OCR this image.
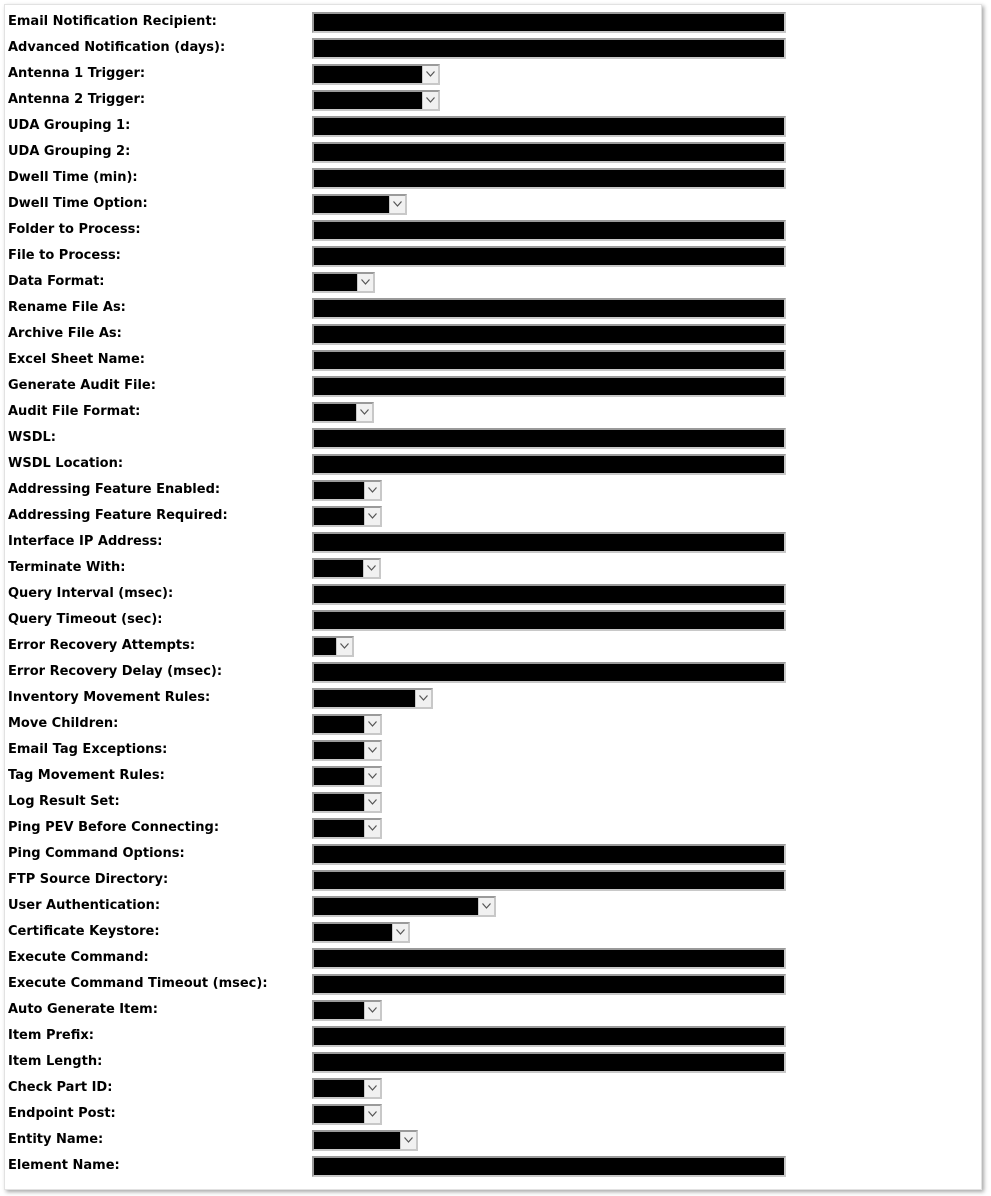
Email Notification Recipient:
Advanced Notification (days):
Antenna 1 Trigger:
Antenna 2 Trigger:
UDA Grouping 1:
UDA Grouping 2:
Dwell Time (min):
Dwell Time Option:
Folder to Process:
File to Process:
Data Format:
Rename File As:
Archive File As:
Excel Sheet Name:
Generate Audit File:
Audit File Format:
WSDL:
WSDL Location:
Addressing Feature Enabled:
Addressing Feature Required:
Interface IP Address:
Terminate With:
Query Interval (msec):
Query Timeout (sec):
Error Recovery Attempts:
Error Recovery Delay (msec):
Inventory Movement Rules:
Move Children:
Email Tag Exceptions:
Tag Movement Rules:
Log Result Set:
Ping PEV Before Connecting:
Ping Command Options:
FTP Source Directory:
User Authentication:
Certificate Keystore:
Execute Command:
Execute Command Timeout (msec):
Auto Generate Item:
Item Prefix:
Item Length:
Check Part ID:
Endpoint Post:
Entity Name:
Element Name:
